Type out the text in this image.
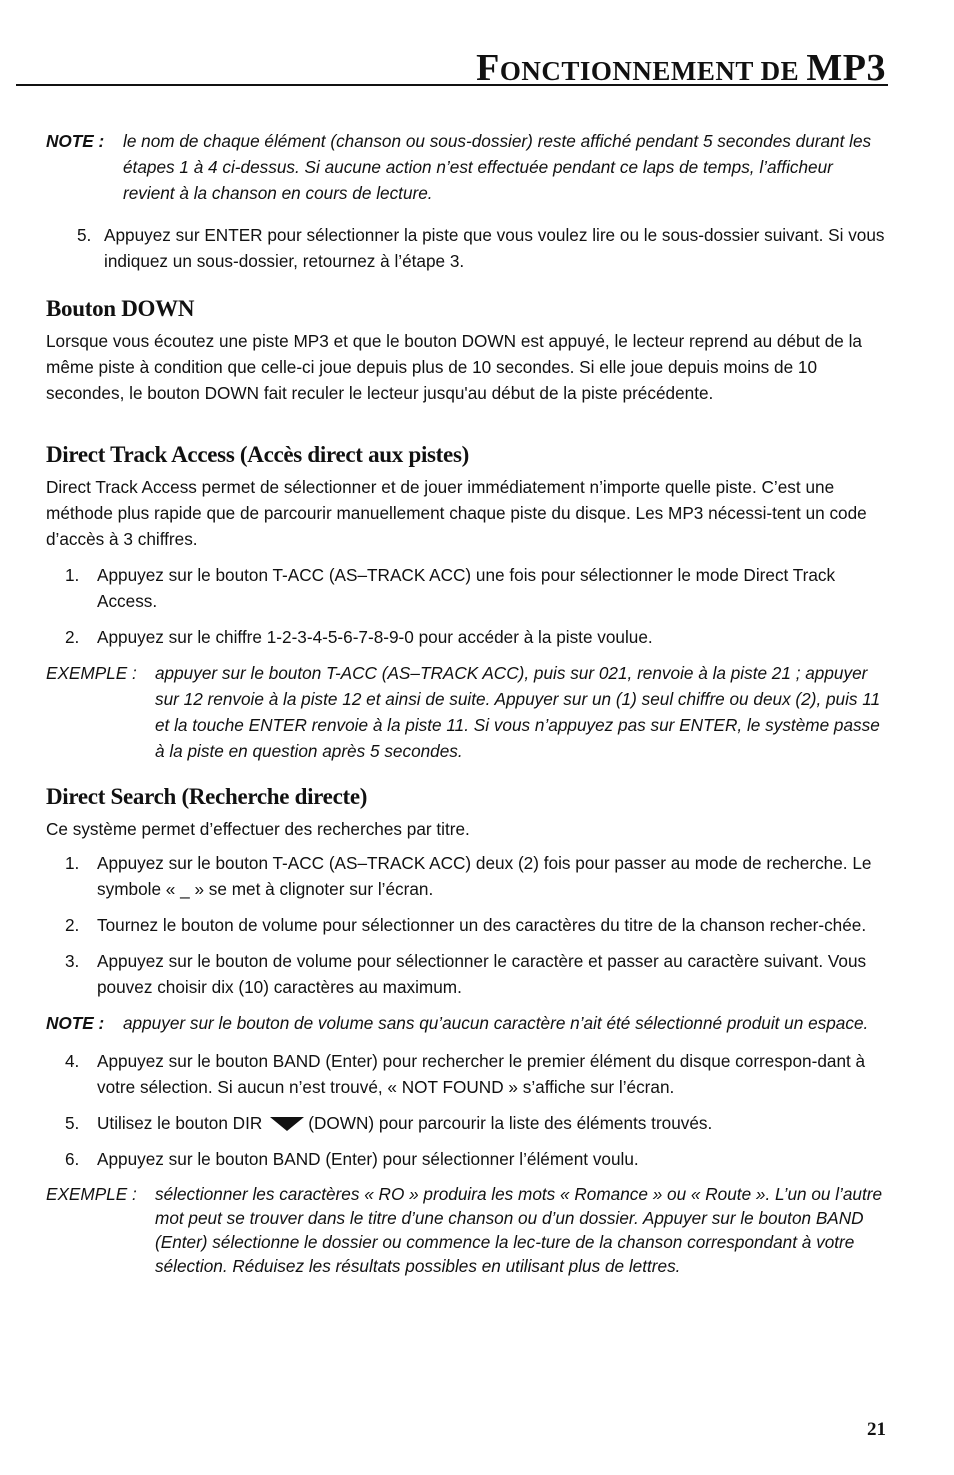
FONCTIONNEMENT DE MP3
NOTE : le nom de chaque élément (chanson ou sous-dossier) reste affiché pendant 5 secondes durant les étapes 1 à 4 ci-dessus. Si aucune action n’est effectuée pendant ce laps de temps, l’afficheur revient à la chanson en cours de lecture.
5. Appuyez sur ENTER pour sélectionner la piste que vous voulez lire ou le sous-dossier suivant. Si vous indiquez un sous-dossier, retournez à l’étape 3.
Bouton DOWN

Lorsque vous écoutez une piste MP3 et que le bouton DOWN est appuyé, le lecteur reprend au début de la même piste à condition que celle-ci joue depuis plus de 10 secondes. Si elle joue depuis moins de 10 secondes, le bouton DOWN fait reculer le lecteur jusqu'au début de la piste précédente.

Direct Track Access (Accès direct aux pistes)

Direct Track Access permet de sélectionner et de jouer immédiatement n’importe quelle piste. C’est une méthode plus rapide que de parcourir manuellement chaque piste du disque. Les MP3 nécessi-tent un code d’accès à 3 chiffres.

1. Appuyez sur le bouton T-ACC (AS–TRACK ACC) une fois pour sélectionner le mode Direct Track Access.
2. Appuyez sur le chiffre 1-2-3-4-5-6-7-8-9-0 pour accéder à la piste voulue.
EXEMPLE : appuyer sur le bouton T-ACC (AS–TRACK ACC), puis sur 021, renvoie à la piste 21 ; appuyer sur 12 renvoie à la piste 12 et ainsi de suite. Appuyer sur un (1) seul chiffre ou deux (2), puis 11 et la touche ENTER renvoie à la piste 11. Si vous n’appuyez pas sur ENTER, le système passe à la piste en question après 5 secondes.
Direct Search (Recherche directe)

Ce système permet d’effectuer des recherches par titre.

1. Appuyez sur le bouton T-ACC (AS–TRACK ACC) deux (2) fois pour passer au mode de recherche. Le symbole « _ » se met à clignoter sur l’écran.
2. Tournez le bouton de volume pour sélectionner un des caractères du titre de la chanson recher-chée.
3. Appuyez sur le bouton de volume pour sélectionner le caractère et passer au caractère suivant. Vous pouvez choisir dix (10) caractères au maximum.
NOTE : appuyer sur le bouton de volume sans qu’aucun caractère n’ait été sélectionné produit un espace.
4. Appuyez sur le bouton BAND (Enter) pour rechercher le premier élément du disque correspon-dant à votre sélection. Si aucun n’est trouvé, « NOT FOUND » s’affiche sur l’écran.
5. Utilisez le bouton DIR	(DOWN) pour parcourir la liste des éléments trouvés.
6. Appuyez sur le bouton BAND (Enter) pour sélectionner l’élément voulu.
EXEMPLE : sélectionner les caractères « RO » produira les mots « Romance » ou « Route ». L’un ou l’autre mot peut se trouver dans le titre d’une chanson ou d’un dossier. Appuyer sur le bouton BAND (Enter) sélectionne le dossier ou commence la lec-ture de la chanson correspondant à votre sélection. Réduisez les résultats possibles en utilisant plus de lettres.
21
